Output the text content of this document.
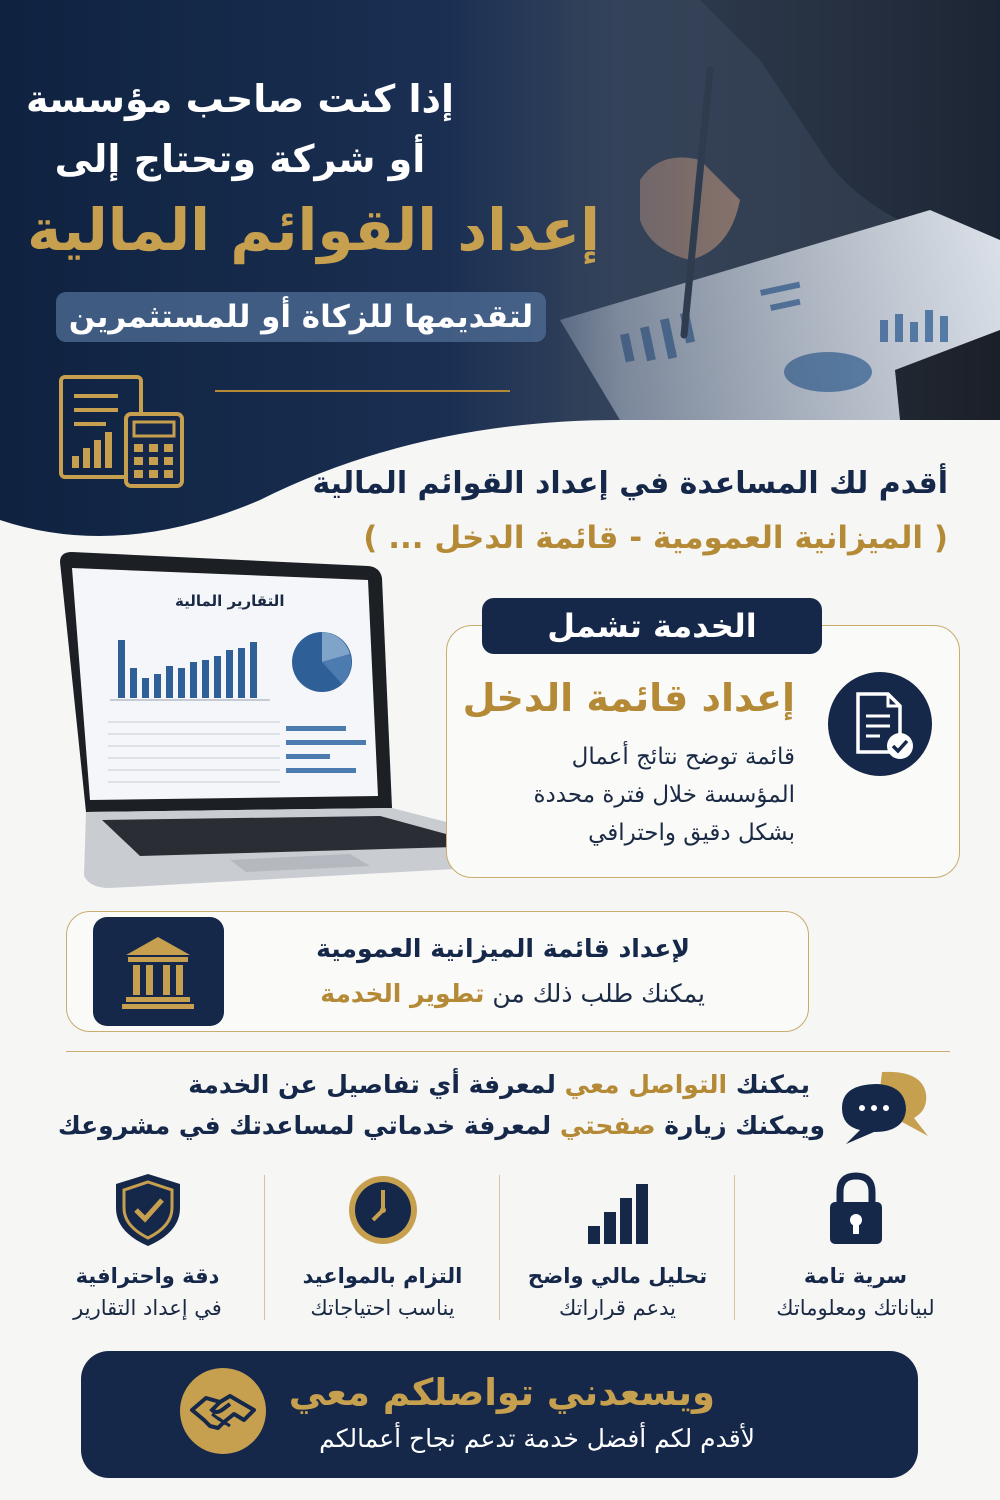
إذا كنت صاحب مؤسسة
أو شركة وتحتاج إلى
إعداد القوائم المالية
لتقديمها للزكاة أو للمستثمرين
أقدم لك المساعدة في إعداد القوائم المالية
( الميزانية العمومية - قائمة الدخل ... )
التقارير المالية
الخدمة تشمل
إعداد قائمة الدخل
قائمة توضح نتائج أعمال
المؤسسة خلال فترة محددة
بشكل دقيق واحترافي
لإعداد قائمة الميزانية العمومية
يمكنك طلب ذلك من تطوير الخدمة
يمكنك التواصل معي لمعرفة أي تفاصيل عن الخدمة
ويمكنك زيارة صفحتي لمعرفة خدماتي لمساعدتك في مشروعك
سرية تامة
لبياناتك ومعلوماتك
تحليل مالي واضح
يدعم قراراتك
التزام بالمواعيد
يناسب احتياجاتك
دقة واحترافية
في إعداد التقارير
ويسعدني تواصلكم معي
لأقدم لكم أفضل خدمة تدعم نجاح أعمالكم
